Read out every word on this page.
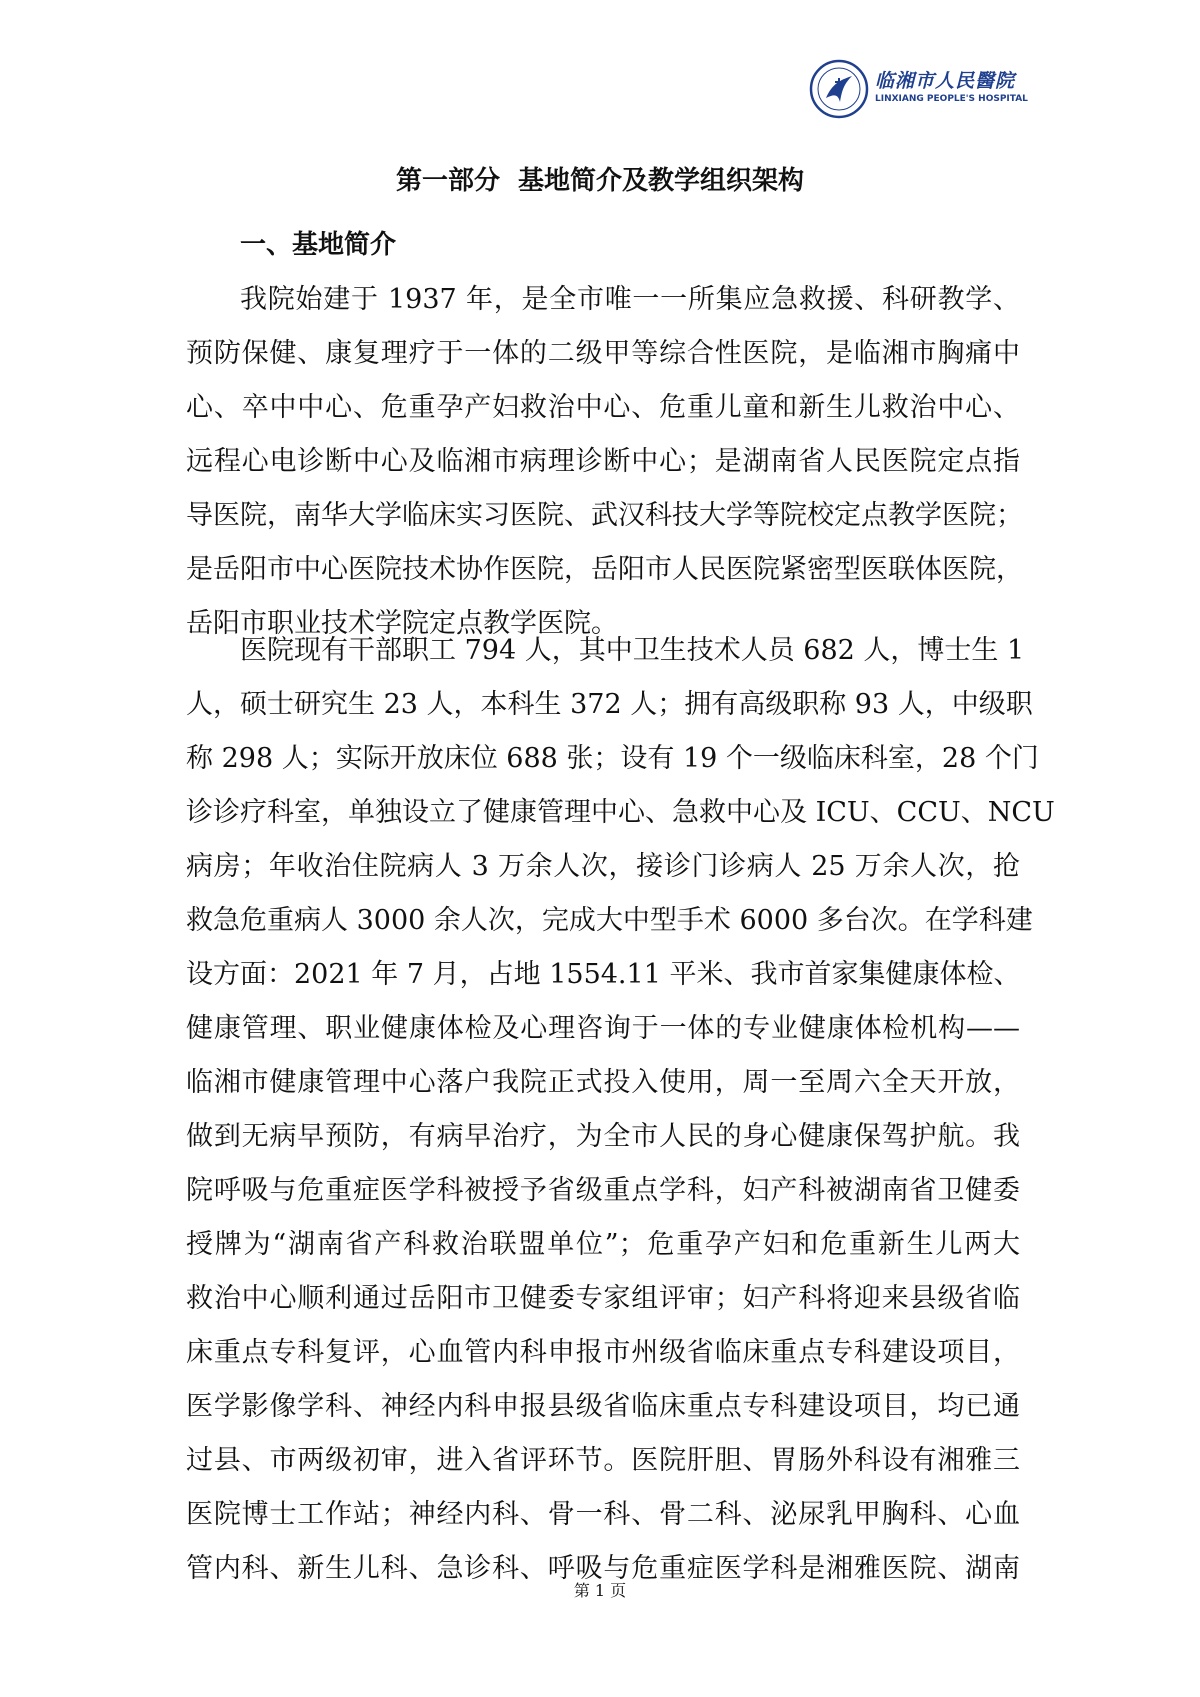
临湘市人民醫院
LINXIANG PEOPLE'S HOSPITAL
第一部分  基地简介及教学组织架构
一、基地简介
我院始建于 1937 年，是全市唯一一所集应急救援、科研教学、
预防保健、康复理疗于一体的二级甲等综合性医院，是临湘市胸痛中
心、卒中中心、危重孕产妇救治中心、危重儿童和新生儿救治中心、
远程心电诊断中心及临湘市病理诊断中心；是湖南省人民医院定点指
导医院，南华大学临床实习医院、武汉科技大学等院校定点教学医院；
是岳阳市中心医院技术协作医院，岳阳市人民医院紧密型医联体医院，
岳阳市职业技术学院定点教学医院。
医院现有干部职工 794 人，其中卫生技术人员 682 人，博士生 1
人，硕士研究生 23 人，本科生 372 人；拥有高级职称 93 人，中级职
称 298 人；实际开放床位 688 张；设有 19 个一级临床科室，28 个门
诊诊疗科室，单独设立了健康管理中心、急救中心及 ICU、CCU、NCU
病房；年收治住院病人 3 万余人次，接诊门诊病人 25 万余人次，抢
救急危重病人 3000 余人次，完成大中型手术 6000 多台次。在学科建
设方面：2021 年 7 月，占地 1554.11 平米、我市首家集健康体检、
健康管理、职业健康体检及心理咨询于一体的专业健康体检机构——
临湘市健康管理中心落户我院正式投入使用，周一至周六全天开放，
做到无病早预防，有病早治疗，为全市人民的身心健康保驾护航。我
院呼吸与危重症医学科被授予省级重点学科，妇产科被湖南省卫健委
授牌为“湖南省产科救治联盟单位”；危重孕产妇和危重新生儿两大
救治中心顺利通过岳阳市卫健委专家组评审；妇产科将迎来县级省临
床重点专科复评，心血管内科申报市州级省临床重点专科建设项目，
医学影像学科、神经内科申报县级省临床重点专科建设项目，均已通
过县、市两级初审，进入省评环节。医院肝胆、胃肠外科设有湘雅三
医院博士工作站；神经内科、骨一科、骨二科、泌尿乳甲胸科、心血
管内科、新生儿科、急诊科、呼吸与危重症医学科是湘雅医院、湖南
第 1 页
